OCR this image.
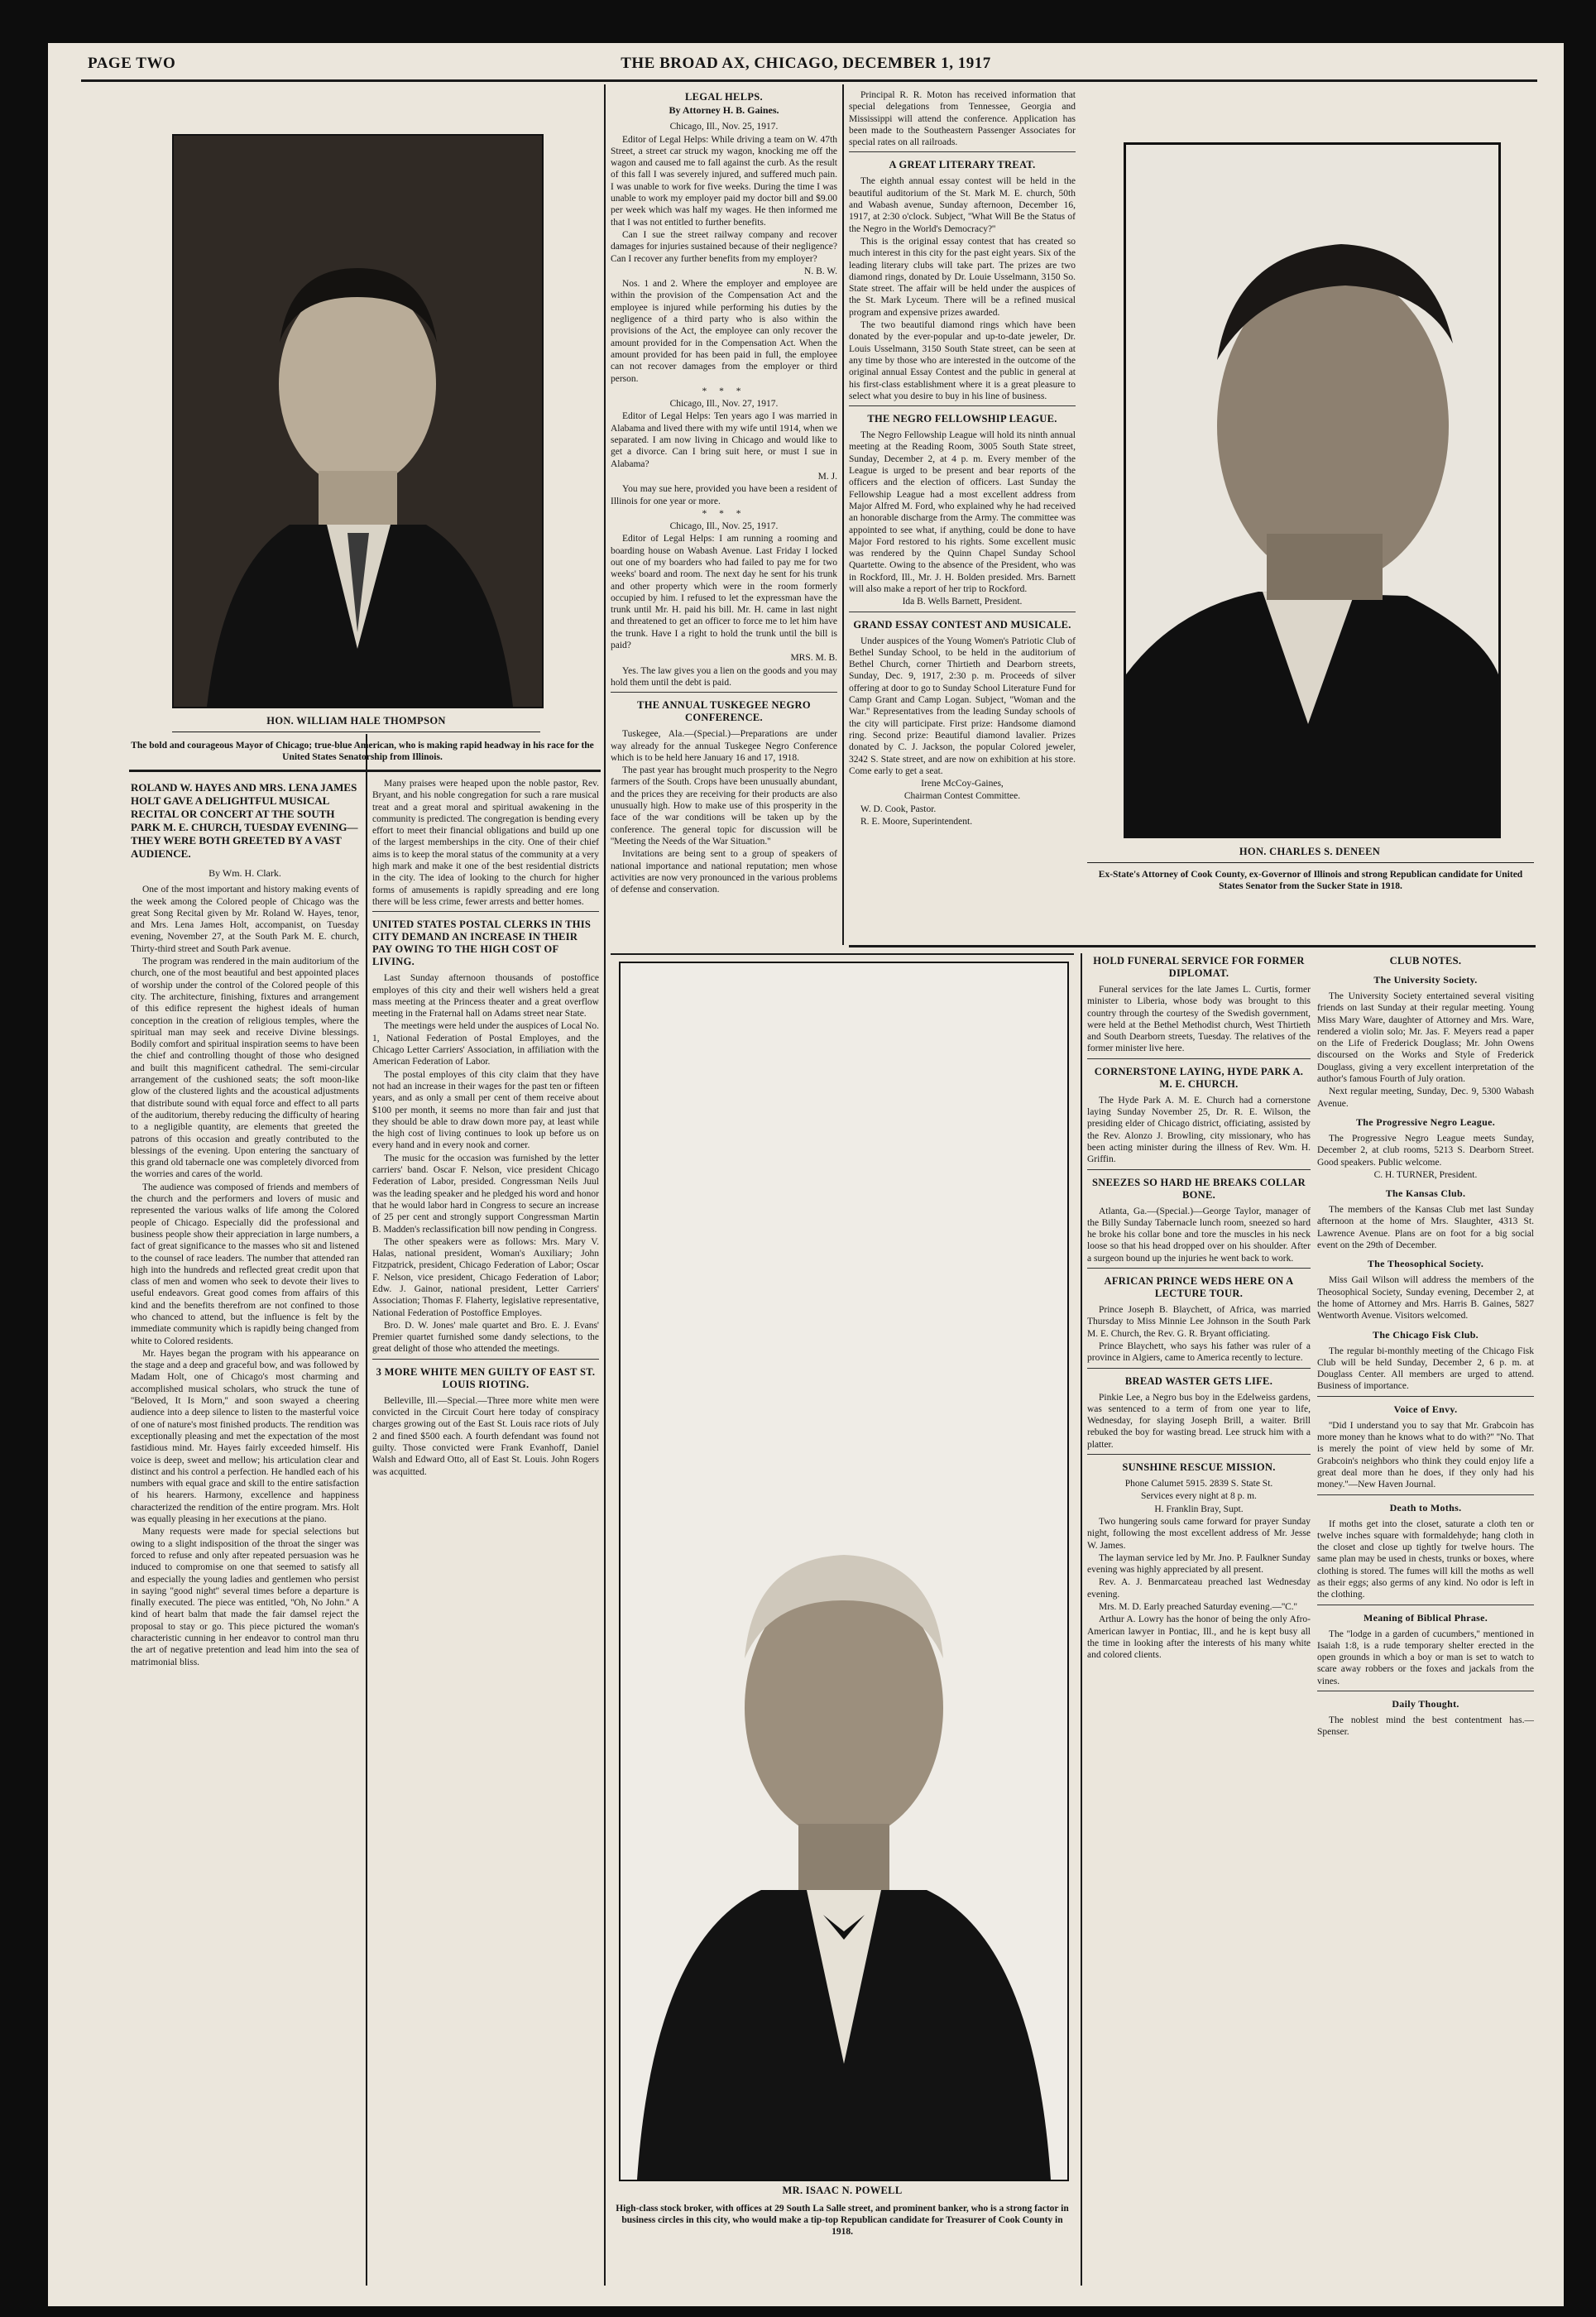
PAGE TWO	THE BROAD AX, CHICAGO, DECEMBER 1, 1917
HON. WILLIAM HALE THOMPSON
The bold and courageous Mayor of Chicago; true-blue American, who is making rapid headway in his race for the United States Senatorship from Illinois.
ROLAND W. HAYES AND MRS. LENA JAMES HOLT GAVE A DELIGHTFUL MUSICAL RECITAL OR CONCERT AT THE SOUTH PARK M. E. CHURCH, TUESDAY EVENING—THEY WERE BOTH GREETED BY A VAST AUDIENCE.

By Wm. H. Clark.

One of the most important and history making events of the week among the Colored people of Chicago was the great Song Recital given by Mr. Roland W. Hayes, tenor, and Mrs. Lena James Holt, accompanist, on Tuesday evening, November 27, at the South Park M. E. church, Thirty-third street and South Park avenue.

The program was rendered in the main auditorium of the church, one of the most beautiful and best appointed places of worship under the control of the Colored people of this city. The architecture, finishing, fixtures and arrangement of this edifice represent the highest ideals of human conception in the creation of religious temples, where the spiritual man may seek and receive Divine blessings. Bodily comfort and spiritual inspiration seems to have been the chief and controlling thought of those who designed and built this magnificent cathedral. The semi-circular arrangement of the cushioned seats; the soft moon-like glow of the clustered lights and the acoustical adjustments that distribute sound with equal force and effect to all parts of the auditorium, thereby reducing the difficulty of hearing to a negligible quantity, are elements that greeted the patrons of this occasion and greatly contributed to the blessings of the evening. Upon entering the sanctuary of this grand old tabernacle one was completely divorced from the worries and cares of the world.

The audience was composed of friends and members of the church and the performers and lovers of music and represented the various walks of life among the Colored people of Chicago. Especially did the professional and business people show their appreciation in large numbers, a fact of great significance to the masses who sit and listened to the counsel of race leaders. The number that attended ran high into the hundreds and reflected great credit upon that class of men and women who seek to devote their lives to useful endeavors. Great good comes from affairs of this kind and the benefits therefrom are not confined to those who chanced to attend, but the influence is felt by the immediate community which is rapidly being changed from white to Colored residents.

Mr. Hayes began the program with his appearance on the stage and a deep and graceful bow, and was followed by Madam Holt, one of Chicago's most charming and accomplished musical scholars, who struck the tune of ''Beloved, It Is Morn,'' and soon swayed a cheering audience into a deep silence to listen to the masterful voice of one of nature's most finished products. The rendition was exceptionally pleasing and met the expectation of the most fastidious mind. Mr. Hayes fairly exceeded himself. His voice is deep, sweet and mellow; his articulation clear and distinct and his control a perfection. He handled each of his numbers with equal grace and skill to the entire satisfaction of his hearers. Harmony, excellence and happiness characterized the rendition of the entire program. Mrs. Holt was equally pleasing in her executions at the piano.

Many requests were made for special selections but owing to a slight indisposition of the throat the singer was forced to refuse and only after repeated persuasion was he induced to compromise on one that seemed to satisfy all and especially the young ladies and gentlemen who persist in saying ''good night'' several times before a departure is finally executed. The piece was entitled, ''Oh, No John.'' A kind of heart balm that made the fair damsel reject the proposal to stay or go. This piece pictured the woman's characteristic cunning in her endeavor to control man thru the art of negative pretention and lead him into the sea of matrimonial bliss.

Many praises were heaped upon the noble pastor, Rev. Bryant, and his noble congregation for such a rare musical treat and a great moral and spiritual awakening in the community is predicted. The congregation is bending every effort to meet their financial obligations and build up one of the largest memberships in the city. One of their chief aims is to keep the moral status of the community at a very high mark and make it one of the best residential districts in the city. The idea of looking to the church for higher forms of amusements is rapidly spreading and ere long there will be less crime, fewer arrests and better homes.

UNITED STATES POSTAL CLERKS IN THIS CITY DEMAND AN INCREASE IN THEIR PAY OWING TO THE HIGH COST OF LIVING.

Last Sunday afternoon thousands of postoffice employes of this city and their well wishers held a great mass meeting at the Princess theater and a great overflow meeting in the Fraternal hall on Adams street near State.

The meetings were held under the auspices of Local No. 1, National Federation of Postal Employes, and the Chicago Letter Carriers' Association, in affiliation with the American Federation of Labor.

The postal employes of this city claim that they have not had an increase in their wages for the past ten or fifteen years, and as only a small per cent of them receive about $100 per month, it seems no more than fair and just that they should be able to draw down more pay, at least while the high cost of living continues to look up before us on every hand and in every nook and corner.

The music for the occasion was furnished by the letter carriers' band. Oscar F. Nelson, vice president Chicago Federation of Labor, presided. Congressman Neils Juul was the leading speaker and he pledged his word and honor that he would labor hard in Congress to secure an increase of 25 per cent and strongly support Congressman Martin B. Madden's reclassification bill now pending in Congress.

The other speakers were as follows: Mrs. Mary V. Halas, national president, Woman's Auxiliary; John Fitzpatrick, president, Chicago Federation of Labor; Oscar F. Nelson, vice president, Chicago Federation of Labor; Edw. J. Gainor, national president, Letter Carriers' Association; Thomas F. Flaherty, legislative representative, National Federation of Postoffice Employes.

Bro. D. W. Jones' male quartet and Bro. E. J. Evans' Premier quartet furnished some dandy selections, to the great delight of those who attended the meetings.

3 MORE WHITE MEN GUILTY OF EAST ST. LOUIS RIOTING.

Belleville, Ill.—Special.—Three more white men were convicted in the Circuit Court here today of conspiracy charges growing out of the East St. Louis race riots of July 2 and fined $500 each. A fourth defendant was found not guilty. Those convicted were Frank Evanhoff, Daniel Walsh and Edward Otto, all of East St. Louis. John Rogers was acquitted.

LEGAL HELPS.

By Attorney H. B. Gaines.

Chicago, Ill., Nov. 25, 1917.

Editor of Legal Helps: While driving a team on W. 47th Street, a street car struck my wagon, knocking me off the wagon and caused me to fall against the curb. As the result of this fall I was severely injured, and suffered much pain. I was unable to work for five weeks. During the time I was unable to work my employer paid my doctor bill and $9.00 per week which was half my wages. He then informed me that I was not entitled to further benefits.

Can I sue the street railway company and recover damages for injuries sustained because of their negligence? Can I recover any further benefits from my employer?

N. B. W.

Nos. 1 and 2. Where the employer and employee are within the provision of the Compensation Act and the employee is injured while performing his duties by the negligence of a third party who is also within the provisions of the Act, the employee can only recover the amount provided for in the Compensation Act. When the amount provided for has been paid in full, the employee can not recover damages from the employer or third person.

* * *

Chicago, Ill., Nov. 27, 1917.

Editor of Legal Helps: Ten years ago I was married in Alabama and lived there with my wife until 1914, when we separated. I am now living in Chicago and would like to get a divorce. Can I bring suit here, or must I sue in Alabama?

M. J.

You may sue here, provided you have been a resident of Illinois for one year or more.

* * *

Chicago, Ill., Nov. 25, 1917.

Editor of Legal Helps: I am running a rooming and boarding house on Wabash Avenue. Last Friday I locked out one of my boarders who had failed to pay me for two weeks' board and room. The next day he sent for his trunk and other property which were in the room formerly occupied by him. I refused to let the expressman have the trunk until Mr. H. paid his bill. Mr. H. came in last night and threatened to get an officer to force me to let him have the trunk. Have I a right to hold the trunk until the bill is paid?

MRS. M. B.

Yes. The law gives you a lien on the goods and you may hold them until the debt is paid.

THE ANNUAL TUSKEGEE NEGRO CONFERENCE.

Tuskegee, Ala.—(Special.)—Preparations are under way already for the annual Tuskegee Negro Conference which is to be held here January 16 and 17, 1918.

The past year has brought much prosperity to the Negro farmers of the South. Crops have been unusually abundant, and the prices they are receiving for their products are also unusually high. How to make use of this prosperity in the face of the war conditions will be taken up by the conference. The general topic for discussion will be ''Meeting the Needs of the War Situation.''

Invitations are being sent to a group of speakers of national importance and national reputation; men whose activities are now very pronounced in the various problems of defense and conservation.

Principal R. R. Moton has received information that special delegations from Tennessee, Georgia and Mississippi will attend the conference. Application has been made to the Southeastern Passenger Associates for special rates on all railroads.

A GREAT LITERARY TREAT.

The eighth annual essay contest will be held in the beautiful auditorium of the St. Mark M. E. church, 50th and Wabash avenue, Sunday afternoon, December 16, 1917, at 2:30 o'clock. Subject, ''What Will Be the Status of the Negro in the World's Democracy?''

This is the original essay contest that has created so much interest in this city for the past eight years. Six of the leading literary clubs will take part. The prizes are two diamond rings, donated by Dr. Louie Usselmann, 3150 So. State street. The affair will be held under the auspices of the St. Mark Lyceum. There will be a refined musical program and expensive prizes awarded.

The two beautiful diamond rings which have been donated by the ever-popular and up-to-date jeweler, Dr. Louis Usselmann, 3150 South State street, can be seen at any time by those who are interested in the outcome of the original annual Essay Contest and the public in general at his first-class establishment where it is a great pleasure to select what you desire to buy in his line of business.

THE NEGRO FELLOWSHIP LEAGUE.

The Negro Fellowship League will hold its ninth annual meeting at the Reading Room, 3005 South State street, Sunday, December 2, at 4 p. m. Every member of the League is urged to be present and bear reports of the officers and the election of officers. Last Sunday the Fellowship League had a most excellent address from Major Alfred M. Ford, who explained why he had received an honorable discharge from the Army. The committee was appointed to see what, if anything, could be done to have Major Ford restored to his rights. Some excellent music was rendered by the Quinn Chapel Sunday School Quartette. Owing to the absence of the President, who was in Rockford, Ill., Mr. J. H. Bolden presided. Mrs. Barnett will also make a report of her trip to Rockford.

Ida B. Wells Barnett, President.

GRAND ESSAY CONTEST AND MUSICALE.

Under auspices of the Young Women's Patriotic Club of Bethel Sunday School, to be held in the auditorium of Bethel Church, corner Thirtieth and Dearborn streets, Sunday, Dec. 9, 1917, 2:30 p. m. Proceeds of silver offering at door to go to Sunday School Literature Fund for Camp Grant and Camp Logan. Subject, ''Woman and the War.'' Representatives from the leading Sunday schools of the city will participate. First prize: Handsome diamond ring. Second prize: Beautiful diamond lavalier. Prizes donated by C. J. Jackson, the popular Colored jeweler, 3242 S. State street, and are now on exhibition at his store. Come early to get a seat.

Irene McCoy-Gaines,

Chairman Contest Committee.

W. D. Cook, Pastor.

R. E. Moore, Superintendent.

MR. ISAAC N. POWELL
High-class stock broker, with offices at 29 South La Salle street, and prominent banker, who is a strong factor in business circles in this city, who would make a tip-top Republican candidate for Treasurer of Cook County in 1918.
HON. CHARLES S. DENEEN
Ex-State's Attorney of Cook County, ex-Governor of Illinois and strong Republican candidate for United States Senator from the Sucker State in 1918.
HOLD FUNERAL SERVICE FOR FORMER DIPLOMAT.

Funeral services for the late James L. Curtis, former minister to Liberia, whose body was brought to this country through the courtesy of the Swedish government, were held at the Bethel Methodist church, West Thirtieth and South Dearborn streets, Tuesday. The relatives of the former minister live here.

CORNERSTONE LAYING, HYDE PARK A. M. E. CHURCH.

The Hyde Park A. M. E. Church had a cornerstone laying Sunday November 25, Dr. R. E. Wilson, the presiding elder of Chicago district, officiating, assisted by the Rev. Alonzo J. Browling, city missionary, who has been acting minister during the illness of Rev. Wm. H. Griffin.

SNEEZES SO HARD HE BREAKS COLLAR BONE.

Atlanta, Ga.—(Special.)—George Taylor, manager of the Billy Sunday Tabernacle lunch room, sneezed so hard he broke his collar bone and tore the muscles in his neck loose so that his head dropped over on his shoulder. After a surgeon bound up the injuries he went back to work.

AFRICAN PRINCE WEDS HERE ON A LECTURE TOUR.

Prince Joseph B. Blaychett, of Africa, was married Thursday to Miss Minnie Lee Johnson in the South Park M. E. Church, the Rev. G. R. Bryant officiating.

Prince Blaychett, who says his father was ruler of a province in Algiers, came to America recently to lecture.

BREAD WASTER GETS LIFE.

Pinkie Lee, a Negro bus boy in the Edelweiss gardens, was sentenced to a term of from one year to life, Wednesday, for slaying Joseph Brill, a waiter. Brill rebuked the boy for wasting bread. Lee struck him with a platter.

SUNSHINE RESCUE MISSION.

Phone Calumet 5915. 2839 S. State St.

Services every night at 8 p. m.

H. Franklin Bray, Supt.

Two hungering souls came forward for prayer Sunday night, following the most excellent address of Mr. Jesse W. James.

The layman service led by Mr. Jno. P. Faulkner Sunday evening was highly appreciated by all present.

Rev. A. J. Benmarcateau preached last Wednesday evening.

Mrs. M. D. Early preached Saturday evening.—''C.''

Arthur A. Lowry has the honor of being the only Afro-American lawyer in Pontiac, Ill., and he is kept busy all the time in looking after the interests of his many white and colored clients.

CLUB NOTES.
The University Society.

The University Society entertained several visiting friends on last Sunday at their regular meeting. Young Miss Mary Ware, daughter of Attorney and Mrs. Ware, rendered a violin solo; Mr. Jas. F. Meyers read a paper on the Life of Frederick Douglass; Mr. John Owens discoursed on the Works and Style of Frederick Douglass, giving a very excellent interpretation of the author's famous Fourth of July oration.

Next regular meeting, Sunday, Dec. 9, 5300 Wabash Avenue.

The Progressive Negro League.

The Progressive Negro League meets Sunday, December 2, at club rooms, 5213 S. Dearborn Street. Good speakers. Public welcome.

C. H. TURNER, President.

The Kansas Club.

The members of the Kansas Club met last Sunday afternoon at the home of Mrs. Slaughter, 4313 St. Lawrence Avenue. Plans are on foot for a big social event on the 29th of December.

The Theosophical Society.

Miss Gail Wilson will address the members of the Theosophical Society, Sunday evening, December 2, at the home of Attorney and Mrs. Harris B. Gaines, 5827 Wentworth Avenue. Visitors welcomed.

The Chicago Fisk Club.

The regular bi-monthly meeting of the Chicago Fisk Club will be held Sunday, December 2, 6 p. m. at Douglass Center. All members are urged to attend. Business of importance.

Voice of Envy.

''Did I understand you to say that Mr. Grabcoin has more money than he knows what to do with?'' ''No. That is merely the point of view held by some of Mr. Grabcoin's neighbors who think they could enjoy life a great deal more than he does, if they only had his money.''—New Haven Journal.

Death to Moths.

If moths get into the closet, saturate a cloth ten or twelve inches square with formaldehyde; hang cloth in the closet and close up tightly for twelve hours. The same plan may be used in chests, trunks or boxes, where clothing is stored. The fumes will kill the moths as well as their eggs; also germs of any kind. No odor is left in the clothing.

Meaning of Biblical Phrase.

The ''lodge in a garden of cucumbers,'' mentioned in Isaiah 1:8, is a rude temporary shelter erected in the open grounds in which a boy or man is set to watch to scare away robbers or the foxes and jackals from the vines.

Daily Thought.

The noblest mind the best contentment has.—Spenser.
